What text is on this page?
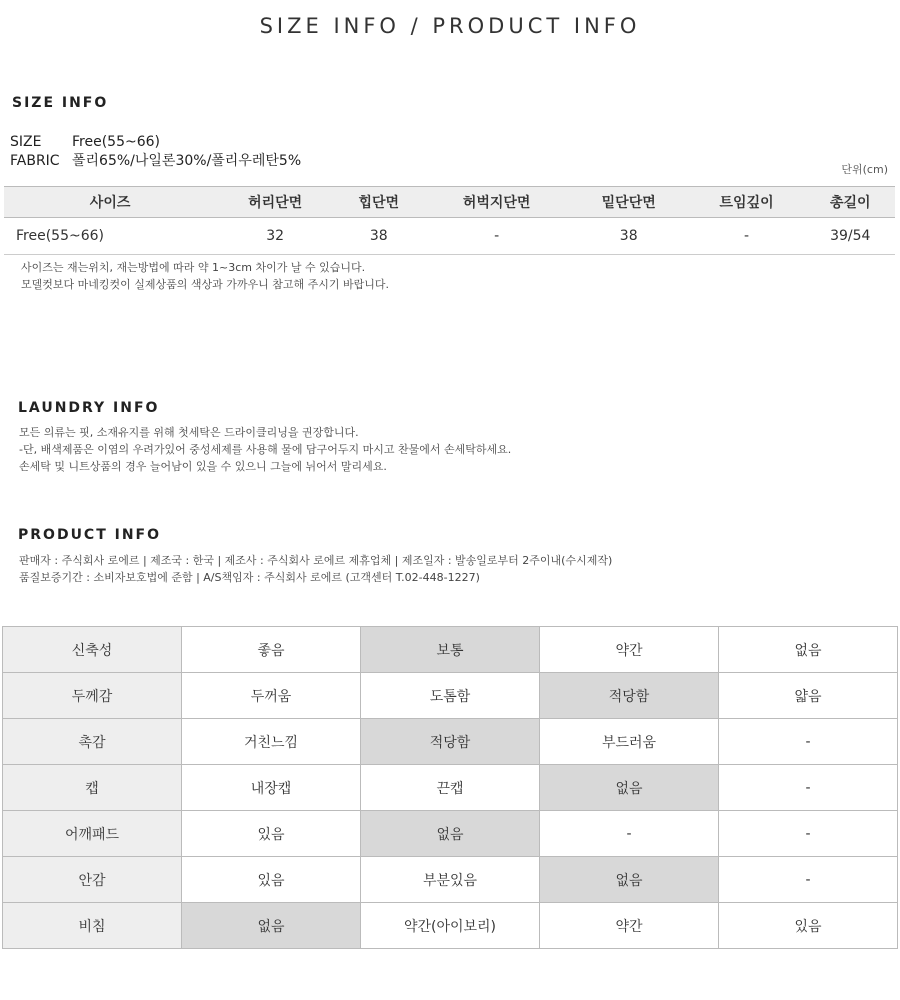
SIZE INFO / PRODUCT INFO
SIZE INFO
SIZE Free(55~66)
FABRIC 폴리65%/나일론30%/폴리우레탄5%
단위(cm)
사이즈	허리단면	힙단면	허벅지단면	밑단단면	트임깊이	총길이
Free(55~66)	32	38	-	38	-	39/54
사이즈는 재는위치, 재는방법에 따라 약 1~3cm 차이가 날 수 있습니다.
모델컷보다 마네킹컷이 실제상품의 색상과 가까우니 참고해 주시기 바랍니다.
LAUNDRY INFO
모든 의류는 핏, 소재유지를 위해 첫세탁은 드라이클리닝을 권장합니다.
-단, 배색제품은 이염의 우려가있어 중성세제를 사용해 물에 담구어두지 마시고 찬물에서 손세탁하세요.
손세탁 및 니트상품의 경우 늘어남이 있을 수 있으니 그늘에 뉘어서 말리세요.
PRODUCT INFO
판매자 : 주식회사 로에르 | 제조국 : 한국 | 제조사 : 주식회사 로에르 제휴업체 | 제조일자 : 발송일로부터 2주이내(수시제작)
품질보증기간 : 소비자보호법에 준함 | A/S책임자 : 주식회사 로에르 (고객센터 T.02-448-1227)
신축성	좋음	보통	약간	없음
두께감	두꺼움	도톰함	적당함	얇음
촉감	거친느낌	적당함	부드러움	-
캡	내장캡	끈캡	없음	-
어깨패드	있음	없음	-	-
안감	있음	부분있음	없음	-
비침	없음	약간(아이보리)	약간	있음
